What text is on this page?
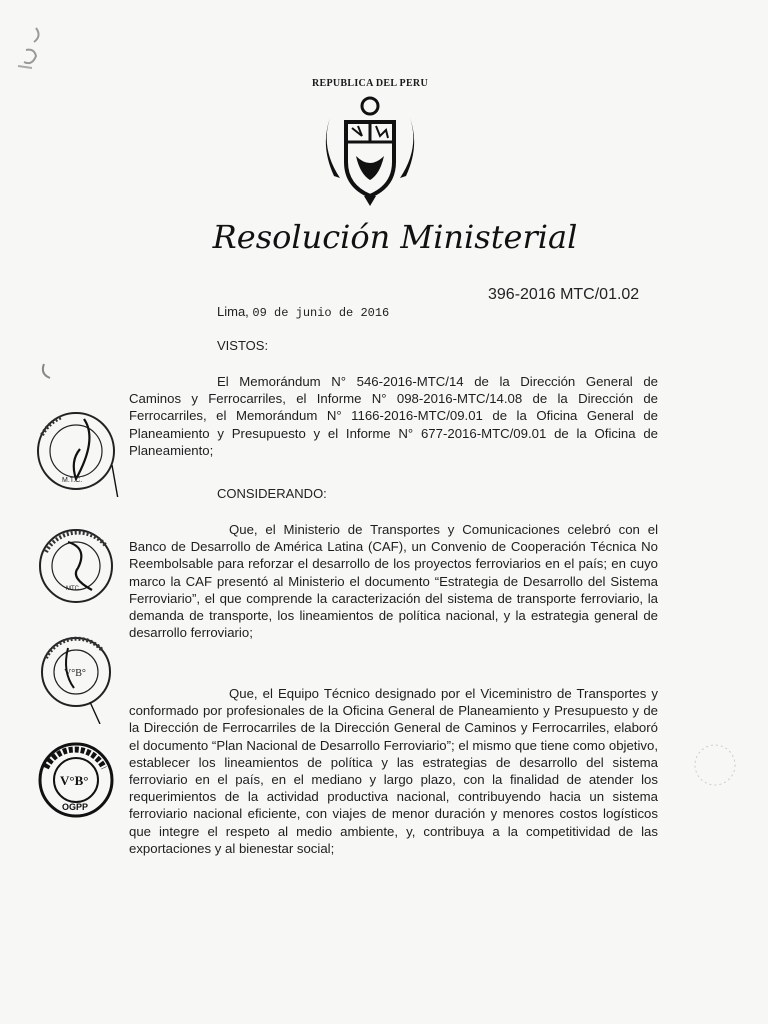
REPUBLICA DEL PERU
Resolución Ministerial
396-2016 MTC/01.02
Lima, 09 de junio de 2016
VISTOS:
El Memorándum N° 546-2016-MTC/14 de la Dirección General de Caminos y Ferrocarriles, el Informe N° 098-2016-MTC/14.08 de la Dirección de Ferrocarriles, el Memorándum N° 1166-2016-MTC/09.01 de la Oficina General de Planeamiento y Presupuesto y el Informe N° 677-2016-MTC/09.01 de la Oficina de Planeamiento;
CONSIDERANDO:
Que, el Ministerio de Transportes y Comunicaciones celebró con el Banco de Desarrollo de América Latina (CAF), un Convenio de Cooperación Técnica No Reembolsable para reforzar el desarrollo de los proyectos ferroviarios en el país; en cuyo marco la CAF presentó al Ministerio el documento “Estrategia de Desarrollo del Sistema Ferroviario”, el que comprende la caracterización del sistema de transporte ferroviario, la demanda de transporte, los lineamientos de política nacional, y la estrategia general de desarrollo ferroviario;
Que, el Equipo Técnico designado por el Viceministro de Transportes y conformado por profesionales de la Oficina General de Planeamiento y Presupuesto y de la Dirección de Ferrocarriles de la Dirección General de Caminos y Ferrocarriles, elaboró el documento “Plan Nacional de Desarrollo Ferroviario”; el mismo que tiene como objetivo, establecer los lineamientos de política y las estrategias de desarrollo del sistema ferroviario en el país, en el mediano y largo plazo, con la finalidad de atender los requerimientos de la actividad productiva nacional, contribuyendo hacia un sistema ferroviario nacional eficiente, con viajes de menor duración y menores costos logísticos que integre el respeto al medio ambiente, y, contribuya a la competitividad de las exportaciones y al bienestar social;
M.T.C.
MTC
V°B°
V°B°
OGPP
